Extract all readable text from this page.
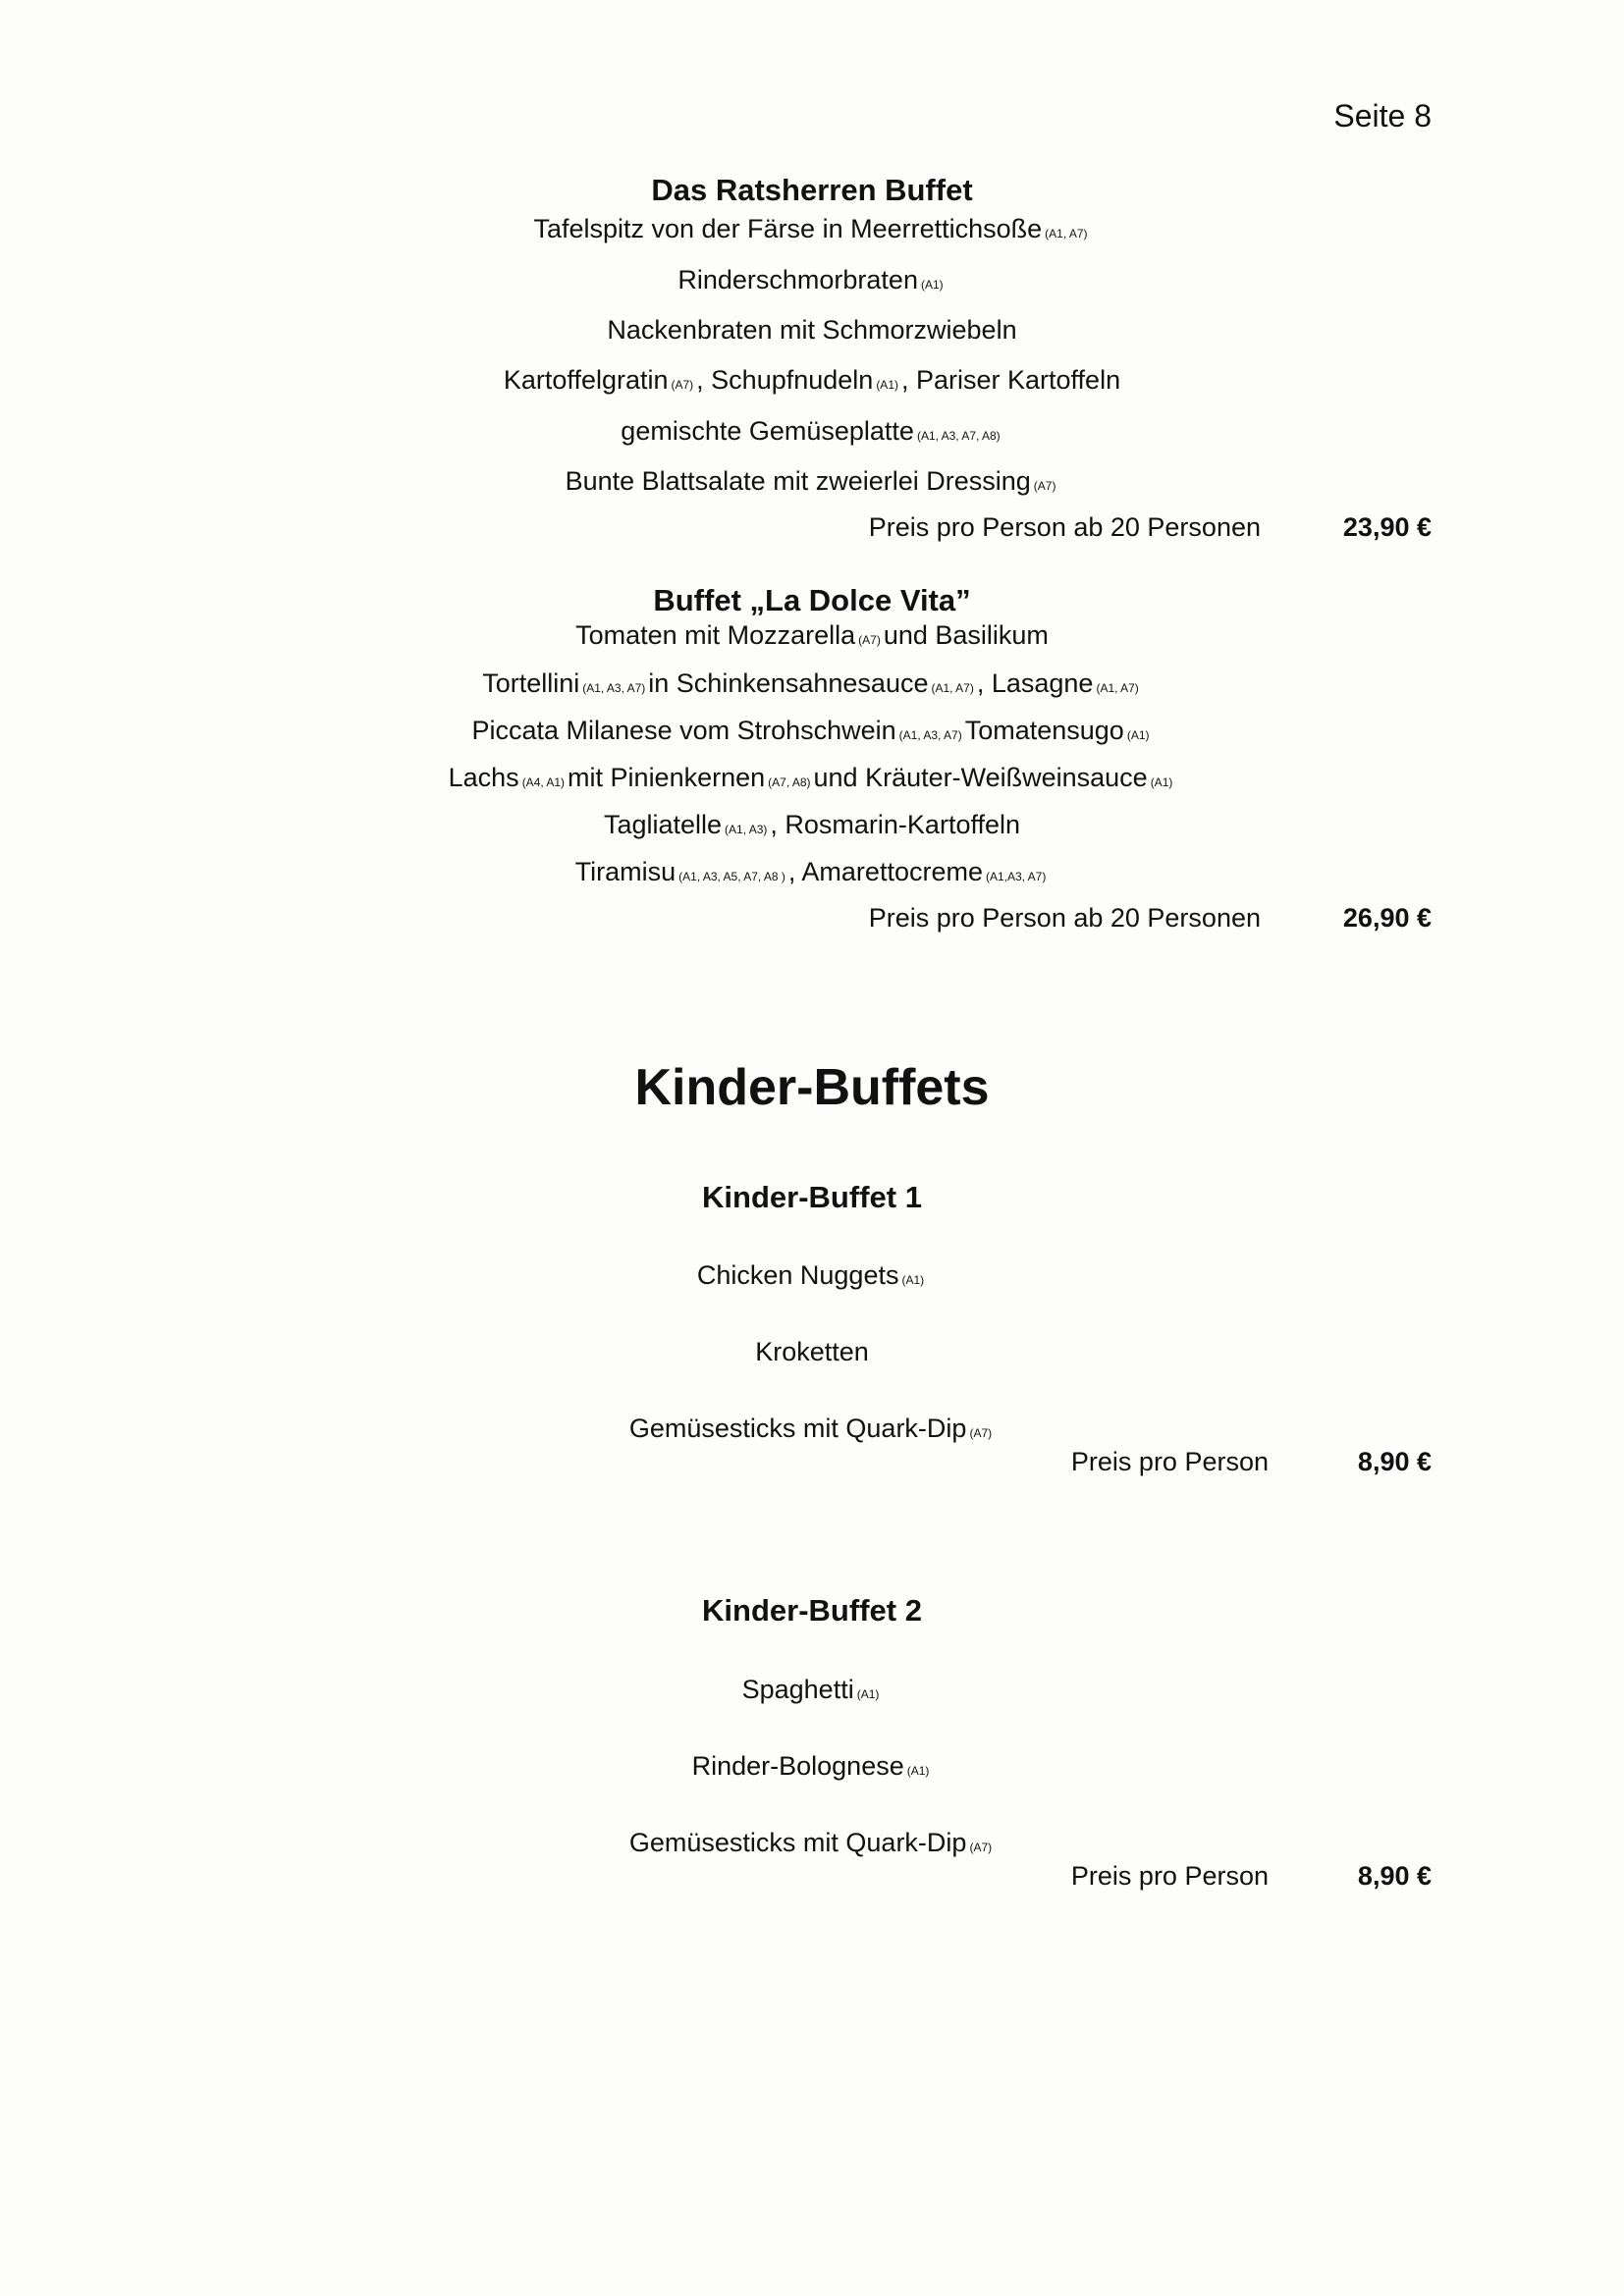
Seite 8
Das Ratsherren Buffet
Tafelspitz von der Färse in Meerrettichsoße (A1, A7)
Rinderschmorbraten (A1)
Nackenbraten mit Schmorzwiebeln
Kartoffelgratin (A7) , Schupfnudeln (A1) , Pariser Kartoffeln
gemischte Gemüseplatte (A1, A3, A7, A8)
Bunte Blattsalate mit zweierlei Dressing (A7)
Preis pro Person ab 20 Personen	23,90 €
Buffet „La Dolce Vita”
Tomaten mit Mozzarella (A7) und Basilikum
Tortellini (A1, A3, A7) in Schinkensahnesauce (A1, A7) , Lasagne (A1, A7)
Piccata Milanese vom Strohschwein (A1, A3, A7) Tomatensugo (A1)
Lachs (A4, A1) mit Pinienkernen (A7, A8) und Kräuter-Weißweinsauce (A1)
Tagliatelle (A1, A3) , Rosmarin-Kartoffeln
Tiramisu (A1, A3, A5, A7, A8 ) , Amarettocreme (A1,A3, A7)
Preis pro Person ab 20 Personen	26,90 €
Kinder-Buffets
Kinder-Buffet 1
Chicken Nuggets (A1)
Kroketten
Gemüsesticks mit Quark-Dip (A7)
Preis pro Person	8,90 €
Kinder-Buffet 2
Spaghetti (A1)
Rinder-Bolognese (A1)
Gemüsesticks mit Quark-Dip (A7)
Preis pro Person	8,90 €
